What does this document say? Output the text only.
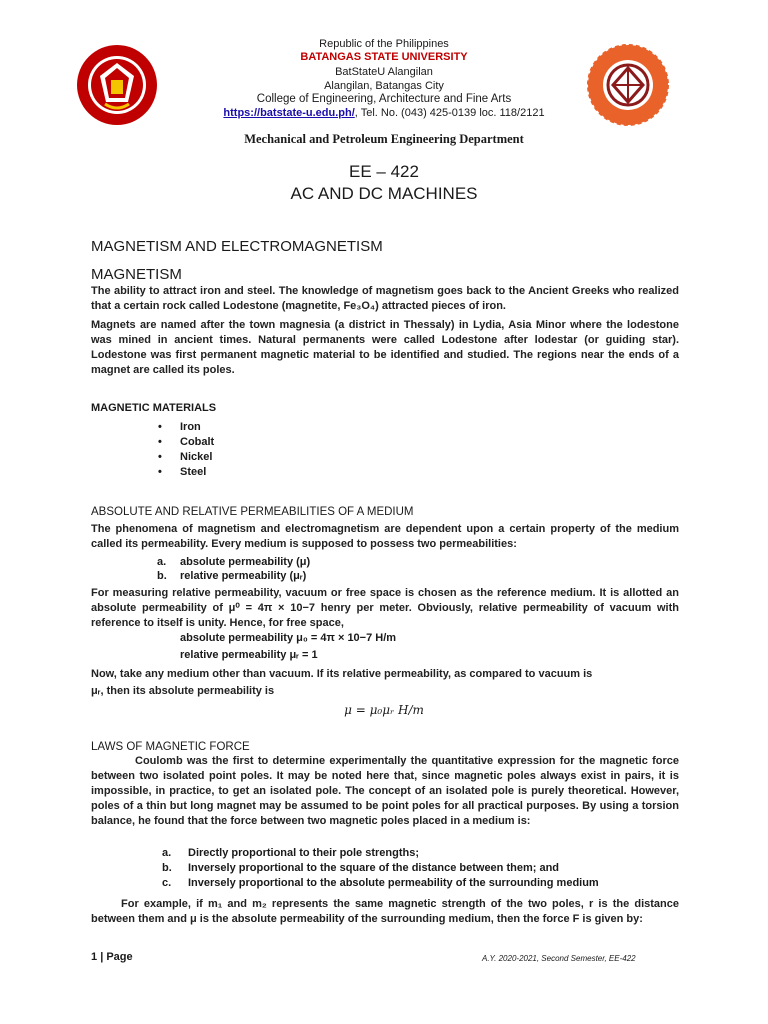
Republic of the Philippines
BATANGAS STATE UNIVERSITY
BatStateU Alangilan
Alangilan, Batangas City
College of Engineering, Architecture and Fine Arts
https://batstate-u.edu.ph/, Tel. No. (043) 425-0139 loc. 118/2121
Mechanical and Petroleum Engineering Department
EE – 422
AC AND DC MACHINES
MAGNETISM AND ELECTROMAGNETISM
MAGNETISM
The ability to attract iron and steel. The knowledge of magnetism goes back to the Ancient Greeks who realized that a certain rock called Lodestone (magnetite, Fe₃O₄) attracted pieces of iron.
Magnets are named after the town magnesia (a district in Thessaly) in Lydia, Asia Minor where the lodestone was mined in ancient times. Natural permanents were called Lodestone after lodestar (or guiding star). Lodestone was first permanent magnetic material to be identified and studied. The regions near the ends of a magnet are called its poles.
MAGNETIC MATERIALS
• Iron
• Cobalt
• Nickel
• Steel
ABSOLUTE AND RELATIVE PERMEABILITIES OF A MEDIUM
The phenomena of magnetism and electromagnetism are dependent upon a certain property of the medium called its permeability. Every medium is supposed to possess two permeabilities:
a. absolute permeability (μ)
b. relative permeability (μᵣ)
For measuring relative permeability, vacuum or free space is chosen as the reference medium. It is allotted an absolute permeability of μ⁰ = 4π × 10−7 henry per meter. Obviously, relative permeability of vacuum with reference to itself is unity. Hence, for free space,
absolute permeability μ₀ = 4π × 10−7 H/m
relative permeability μᵣ = 1
Now, take any medium other than vacuum. If its relative permeability, as compared to vacuum is
μᵣ, then its absolute permeability is
μ = μ₀μᵣ H/m
LAWS OF MAGNETIC FORCE
Coulomb was the first to determine experimentally the quantitative expression for the magnetic force between two isolated point poles. It may be noted here that, since magnetic poles always exist in pairs, it is impossible, in practice, to get an isolated pole. The concept of an isolated pole is purely theoretical. However, poles of a thin but long magnet may be assumed to be point poles for all practical purposes. By using a torsion balance, he found that the force between two magnetic poles placed in a medium is:
a. Directly proportional to their pole strengths;
b. Inversely proportional to the square of the distance between them; and
c. Inversely proportional to the absolute permeability of the surrounding medium
For example, if m₁ and m₂ represents the same magnetic strength of the two poles, r is the distance between them and μ is the absolute permeability of the surrounding medium, then the force F is given by:
1 | Page	A.Y. 2020-2021, Second Semester, EE-422
